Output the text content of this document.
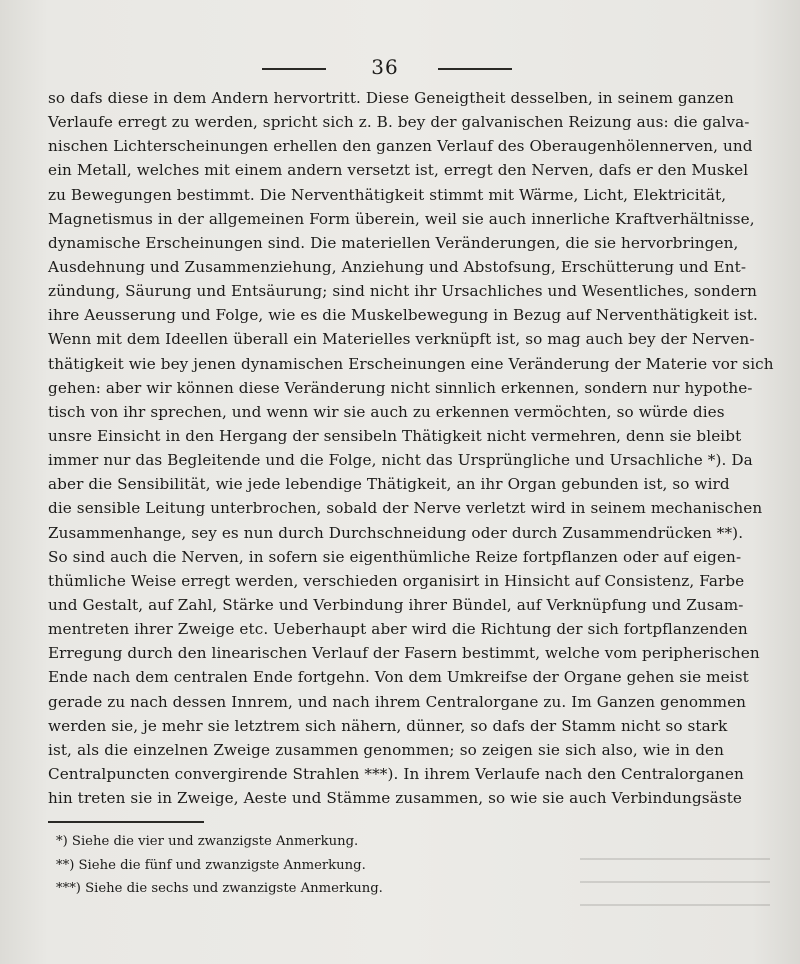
36
so dafs diese in dem Andern hervortritt. Diese Geneigtheit desselben, in seinem ganzen
Verlaufe erregt zu werden, spricht sich z. B. bey der galvanischen Reizung aus: die galva-
nischen Lichterscheinungen erhellen den ganzen Verlauf des Oberaugenhölennerven, und
ein Metall, welches mit einem andern versetzt ist, erregt den Nerven, dafs er den Muskel
zu Bewegungen bestimmt. Die Nerventhätigkeit stimmt mit Wärme, Licht, Elektricität,
Magnetismus in der allgemeinen Form überein, weil sie auch innerliche Kraftverhältnisse,
dynamische Erscheinungen sind. Die materiellen Veränderungen, die sie hervorbringen,
Ausdehnung und Zusammenziehung, Anziehung und Abstofsung, Erschütterung und Ent-
zündung, Säurung und Entsäurung; sind nicht ihr Ursachliches und Wesentliches, sondern
ihre Aeusserung und Folge, wie es die Muskelbewegung in Bezug auf Nerventhätigkeit ist.
Wenn mit dem Ideellen überall ein Materielles verknüpft ist, so mag auch bey der Nerven-
thätigkeit wie bey jenen dynamischen Erscheinungen eine Veränderung der Materie vor sich
gehen: aber wir können diese Veränderung nicht sinnlich erkennen, sondern nur hypothe-
tisch von ihr sprechen, und wenn wir sie auch zu erkennen vermöchten, so würde dies
unsre Einsicht in den Hergang der sensibeln Thätigkeit nicht vermehren, denn sie bleibt
immer nur das Begleitende und die Folge, nicht das Ursprüngliche und Ursachliche *). Da
aber die Sensibilität, wie jede lebendige Thätigkeit, an ihr Organ gebunden ist, so wird
die sensible Leitung unterbrochen, sobald der Nerve verletzt wird in seinem mechanischen
Zusammenhange, sey es nun durch Durchschneidung oder durch Zusammendrücken **).
So sind auch die Nerven, in sofern sie eigenthümliche Reize fortpflanzen oder auf eigen-
thümliche Weise erregt werden, verschieden organisirt in Hinsicht auf Consistenz, Farbe
und Gestalt, auf Zahl, Stärke und Verbindung ihrer Bündel, auf Verknüpfung und Zusam-
mentreten ihrer Zweige etc. Ueberhaupt aber wird die Richtung der sich fortpflanzenden
Erregung durch den linearischen Verlauf der Fasern bestimmt, welche vom peripherischen
Ende nach dem centralen Ende fortgehn. Von dem Umkreifse der Organe gehen sie meist
gerade zu nach dessen Innrem, und nach ihrem Centralorgane zu. Im Ganzen genommen
werden sie, je mehr sie letztrem sich nähern, dünner, so dafs der Stamm nicht so stark
ist, als die einzelnen Zweige zusammen genommen; so zeigen sie sich also, wie in den
Centralpuncten convergirende Strahlen ***). In ihrem Verlaufe nach den Centralorganen
hin treten sie in Zweige, Aeste und Stämme zusammen, so wie sie auch Verbindungsäste
*) Siehe die vier und zwanzigste Anmerkung.
**) Siehe die fünf und zwanzigste Anmerkung.
***) Siehe die sechs und zwanzigste Anmerkung.
